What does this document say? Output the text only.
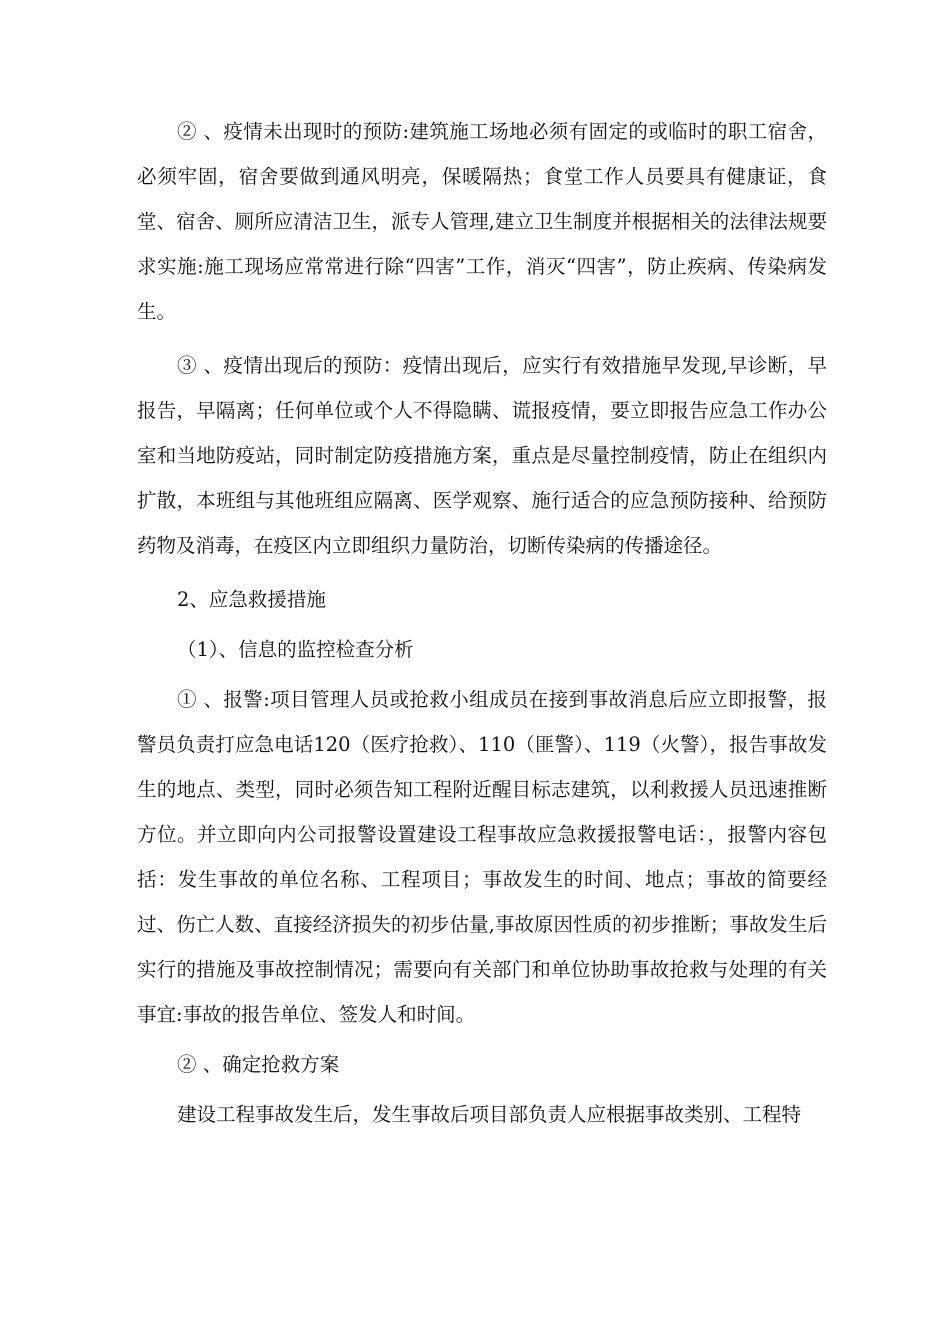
② 、疫情未出现时的预防:建筑施工场地必须有固定的或临时的职工宿舍，必须牢固，宿舍要做到通风明亮，保暖隔热；食堂工作人员要具有健康证，食堂、宿舍、厕所应清洁卫生，派专人管理,建立卫生制度并根据相关的法律法规要求实施:施工现场应常常进行除“四害”工作，消灭“四害”，防止疾病、传染病发生。

③ 、疫情出现后的预防：疫情出现后，应实行有效措施早发现,早诊断，早报告，早隔离；任何单位或个人不得隐瞒、谎报疫情，要立即报告应急工作办公室和当地防疫站，同时制定防疫措施方案，重点是尽量控制疫情，防止在组织内扩散，本班组与其他班组应隔离、医学观察、施行适合的应急预防接种、给预防药物及消毒，在疫区内立即组织力量防治，切断传染病的传播途径。

2、应急救援措施

（1）、信息的监控检查分析

① 、报警:项目管理人员或抢救小组成员在接到事故消息后应立即报警，报警员负责打应急电话120（医疗抢救）、110（匪警）、119（火警），报告事故发生的地点、类型，同时必须告知工程附近醒目标志建筑，以利救援人员迅速推断方位。并立即向内公司报警设置建设工程事故应急救援报警电话：，报警内容包括：发生事故的单位名称、工程项目；事故发生的时间、地点；事故的简要经过、伤亡人数、直接经济损失的初步估量,事故原因性质的初步推断；事故发生后实行的措施及事故控制情况；需要向有关部门和单位协助事故抢救与处理的有关事宜:事故的报告单位、签发人和时间。

② 、确定抢救方案

建设工程事故发生后，发生事故后项目部负责人应根据事故类别、工程特
